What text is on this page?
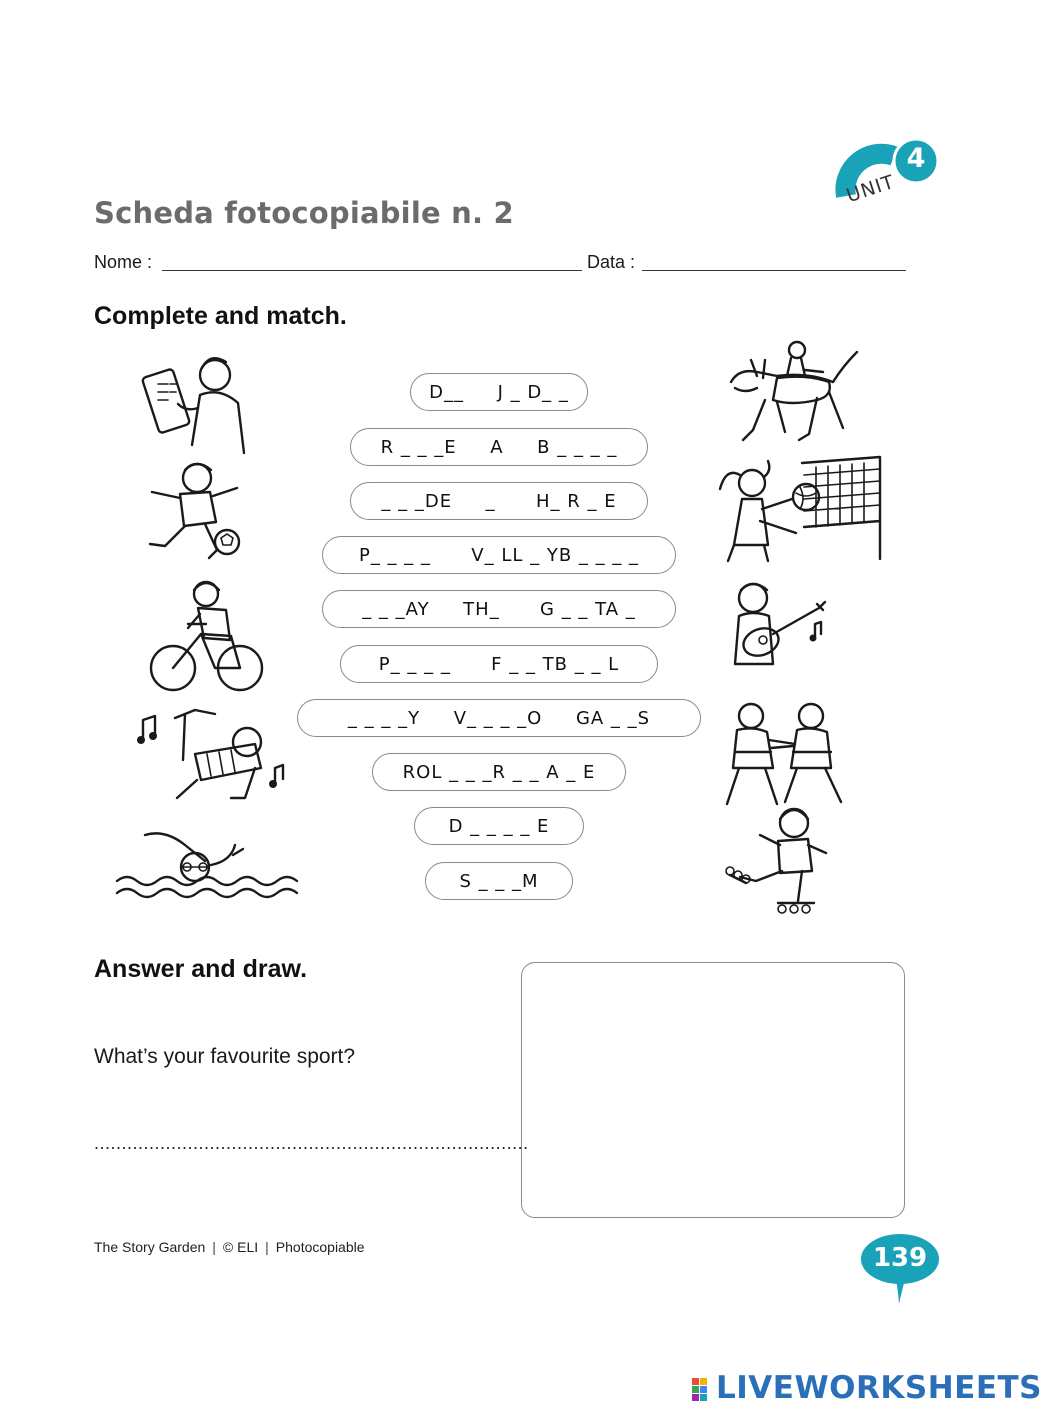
4
UNIT
Scheda fotocopiabile n. 2
Nome :	Data :
Complete and match.
D__     J _ D_ _
R _ _ _E     A     B _ _ _ _
_ _ _DE     _      H_ R _ E
P_ _ _ _      V_ LL _ YB _ _ _ _
_ _ _AY     TH_      G _ _ TA _
P_ _ _ _      F _ _ TB _ _ L
_ _ _ _Y     V_ _ _ _O     GA _ _S
ROL _ _ _R _ _ A _ E
D _ _ _ _ E
S _ _ _M
Answer and draw.
What’s your favourite sport?
...............................................................................
The Story Garden | © ELI | Photocopiable	139
LIVEWORKSHEETS
